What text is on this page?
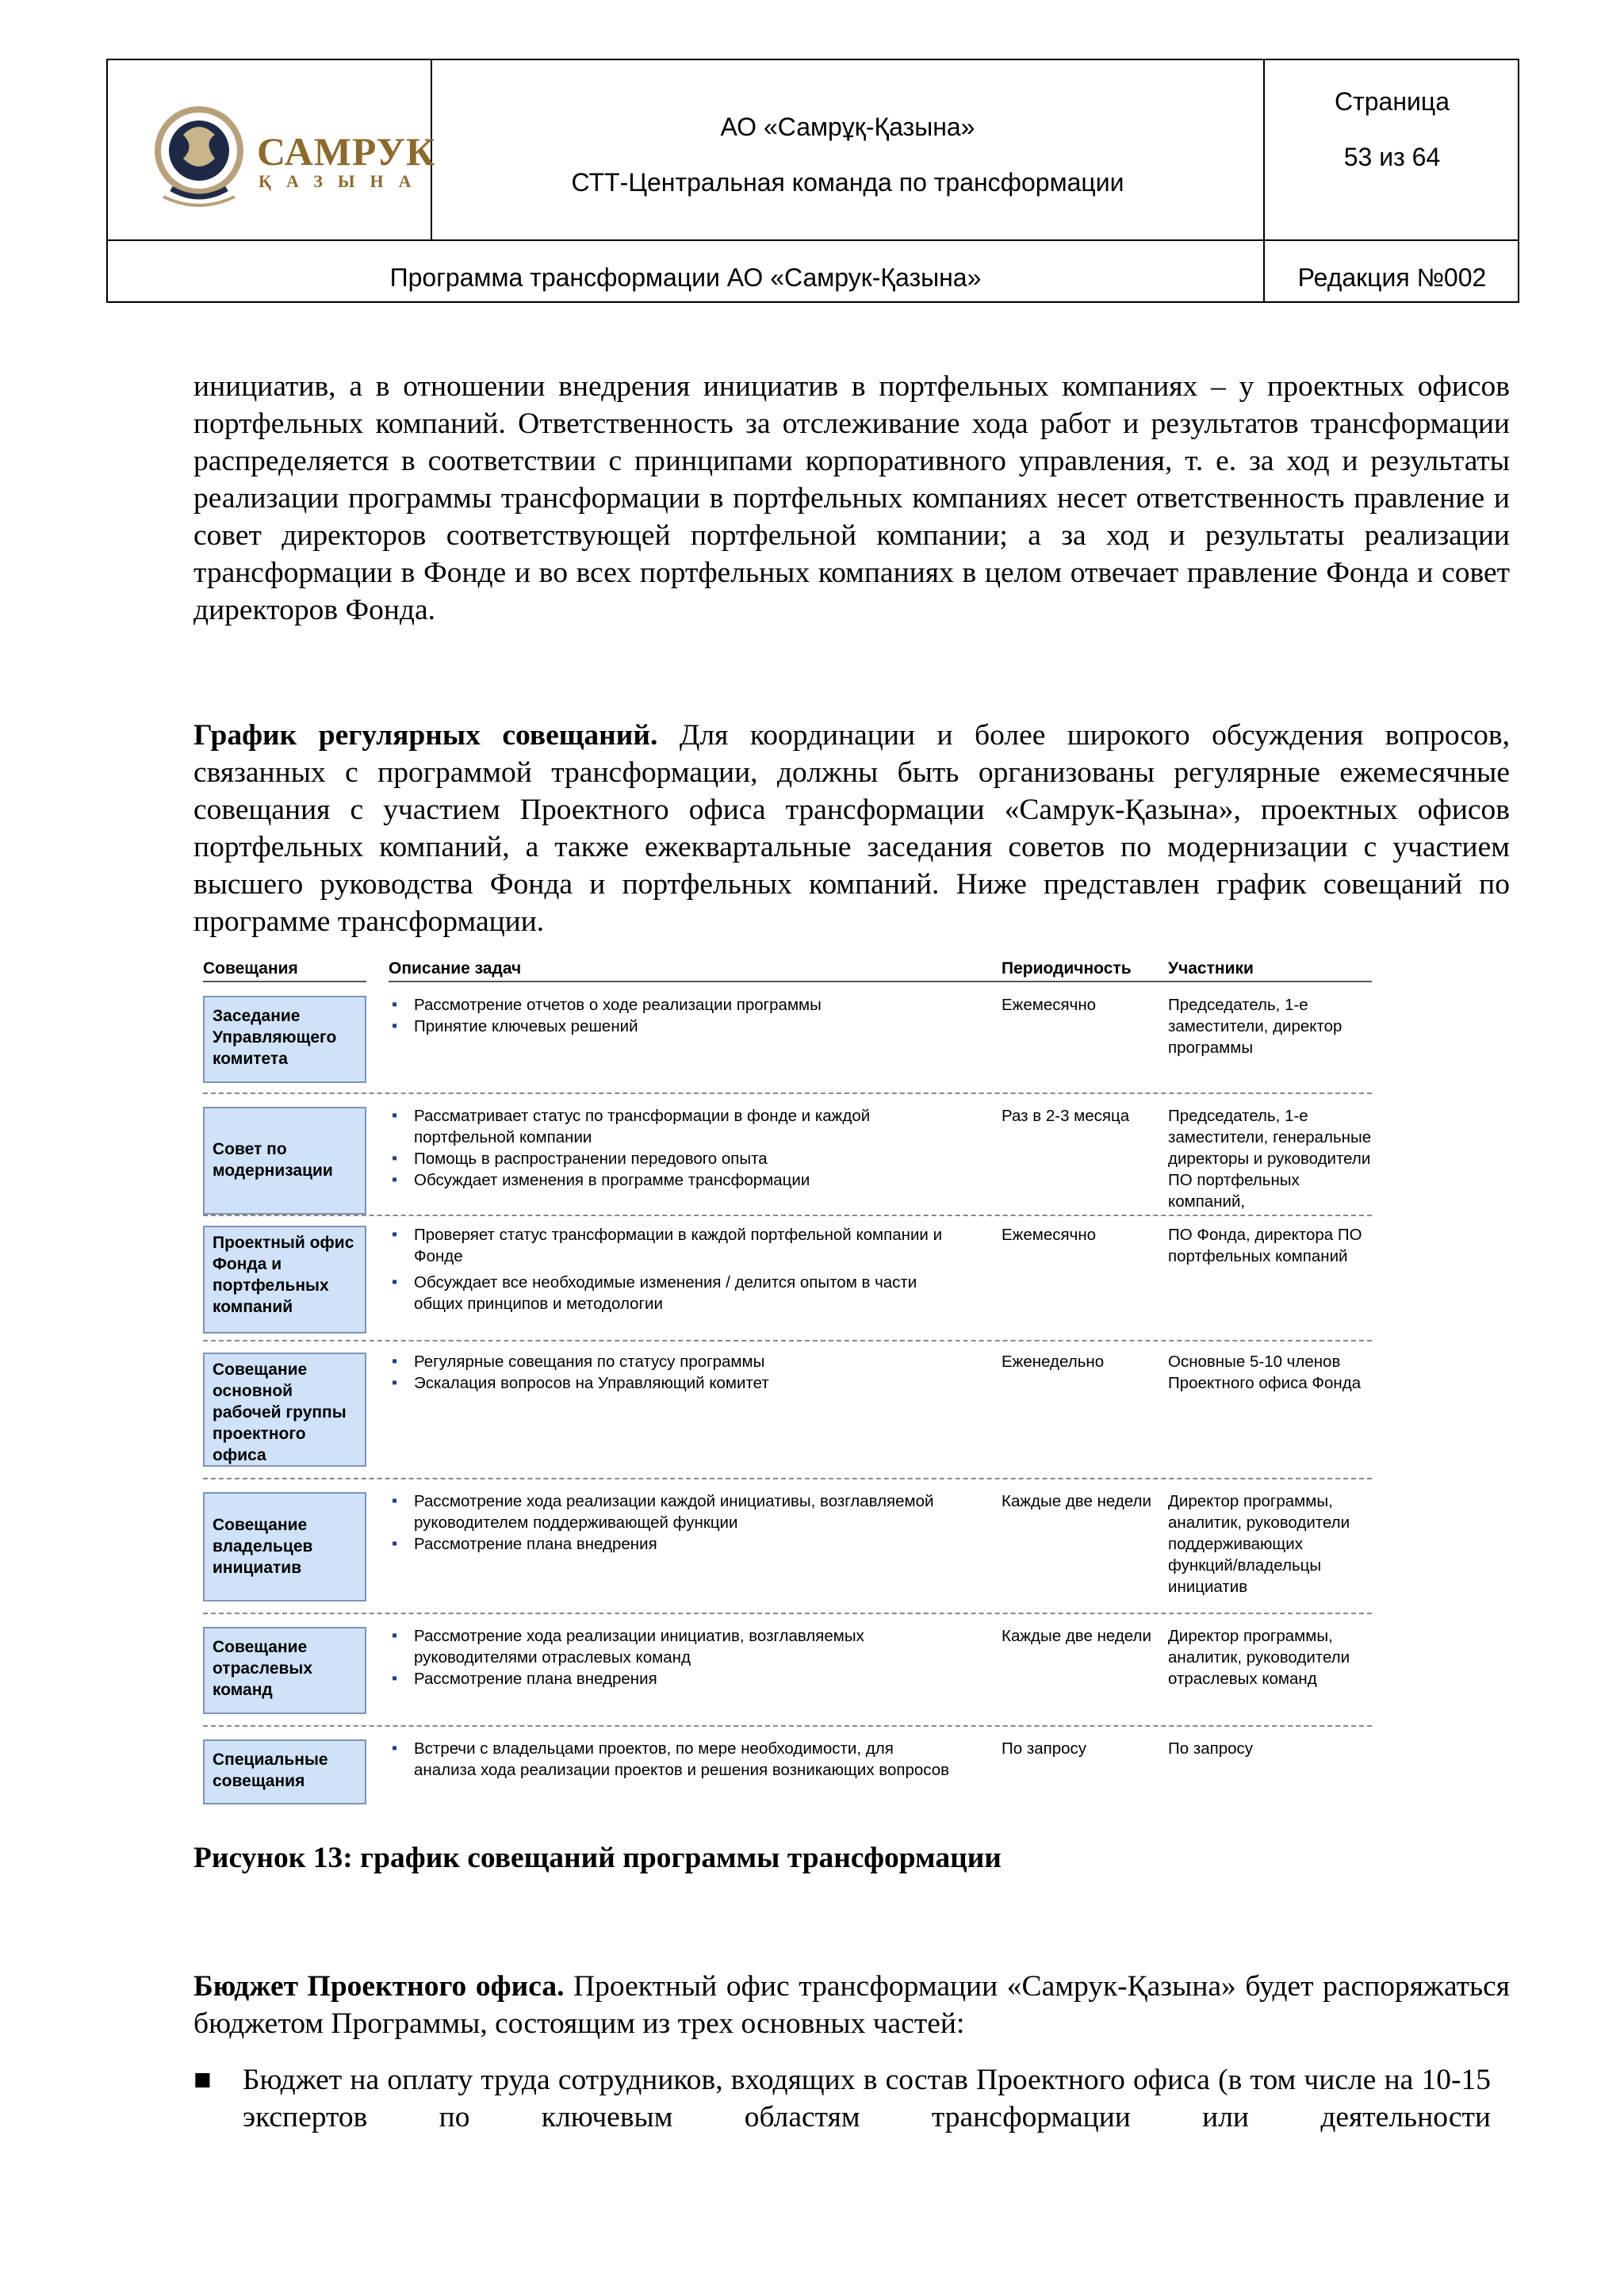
САМРУК
ҚАЗЫНА
АО «Самрұқ-Қазына»
СТТ-Центральная команда по трансформации
Страница
53 из 64
Программа трансформации АО «Самрук-Қазына»	Редакция №002
инициатив, а в отношении внедрения инициатив в портфельных компаниях – у проектных офисов портфельных компаний. Ответственность за отслеживание хода работ и результатов трансформации распределяется в соответствии с принципами корпоративного управления, т. е. за ход и результаты реализации программы трансформации в портфельных компаниях несет ответственность правление и совет директоров соответствующей портфельной компании; а за ход и результаты реализации трансформации в Фонде и во всех портфельных компаниях в целом отвечает правление Фонда и совет директоров Фонда.
График регулярных совещаний. Для координации и более широкого обсуждения вопросов, связанных с программой трансформации, должны быть организованы регулярные ежемесячные совещания с участием Проектного офиса трансформации «Самрук-Қазына», проектных офисов портфельных компаний, а также ежеквартальные заседания советов по модернизации с участием высшего руководства Фонда и портфельных компаний. Ниже представлен график совещаний по программе трансформации.
Совещания	Описание задач	Периодичность Участники
Заседание Управляющего комитета
▪ Рассмотрение отчетов о ходе реализации программы
▪ Принятие ключевых решений
Ежемесячно	Председатель, 1-е заместители, директор программы
Совет по модернизации
▪ Рассматривает статус по трансформации в фонде и каждой портфельной компании
▪ Помощь в распространении передового опыта
▪ Обсуждает изменения в программе трансформации
Раз в 2-3 месяца	Председатель, 1-е заместители, генеральные директоры и руководители ПО портфельных компаний,
Проектный офис Фонда и портфельных компаний
▪ Проверяет статус трансформации в каждой портфельной компании и Фонде
▪ Обсуждает все необходимые изменения / делится опытом в части общих принципов и методологии
Ежемесячно	ПО Фонда, директора ПО портфельных компаний
Совещание основной рабочей группы проектного офиса
▪ Регулярные совещания по статусу программы
▪ Эскалация вопросов на Управляющий комитет
Еженедельно	Основные 5-10 членов Проектного офиса Фонда
Совещание владельцев инициатив
▪ Рассмотрение хода реализации каждой инициативы, возглавляемой руководителем поддерживающей функции
▪ Рассмотрение плана внедрения
Каждые две недели	Директор программы, аналитик, руководители поддерживающих функций/владельцы инициатив
Совещание отраслевых команд
▪ Рассмотрение хода реализации инициатив, возглавляемых руководителями отраслевых команд
▪ Рассмотрение плана внедрения
Каждые две недели	Директор программы, аналитик, руководители отраслевых команд
Специальные совещания
▪ Встречи с владельцами проектов, по мере необходимости, для анализа хода реализации проектов и решения возникающих вопросов
По запросу	По запросу
Рисунок 13: график совещаний программы трансформации
Бюджет Проектного офиса. Проектный офис трансформации «Самрук-Қазына» будет распоряжаться бюджетом Программы, состоящим из трех основных частей:
■ Бюджет на оплату труда сотрудников, входящих в состав Проектного офиса (в том числе на 10-15 экспертов по ключевым областям трансформации или деятельности
